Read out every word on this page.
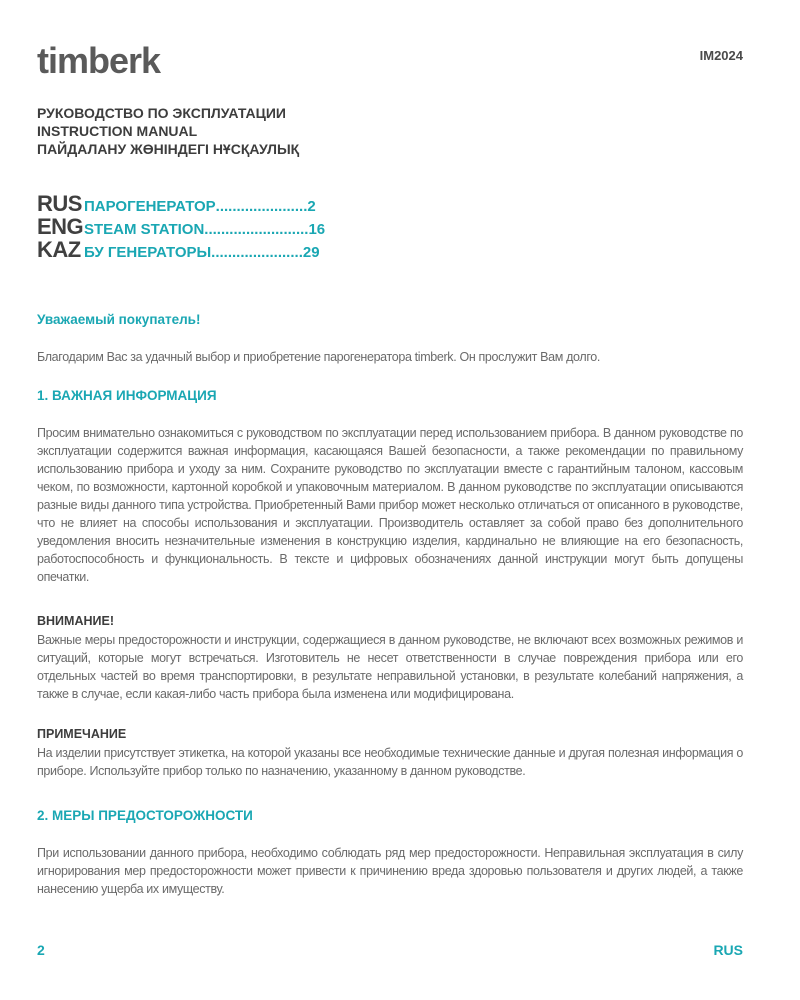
timberk	IM2024
РУКОВОДСТВО ПО ЭКСПЛУАТАЦИИ
INSTRUCTION MANUAL
ПАЙДАЛАНУ ЖӨНІНДЕГІ НҰСҚАУЛЫҚ
RUS ПАРОГЕНЕРАТОР ...................... 2
ENG STEAM STATION ......................... 16
KAZ БУ ГЕНЕРАТОРЫ ...................... 29
Уважаемый покупатель!

Благодарим Вас за удачный выбор и приобретение парогенератора timberk. Он прослужит Вам долго.

1. ВАЖНАЯ ИНФОРМАЦИЯ

Просим внимательно ознакомиться с руководством по эксплуатации перед использованием прибора. В данном руководстве по эксплуатации содержится важная информация, касающаяся Вашей безопасности, а также рекомендации по правильному использованию прибора и уходу за ним. Сохраните руководство по эксплуатации вместе с гарантийным талоном, кассовым чеком, по возможности, картонной коробкой и упаковочным материалом. В данном руководстве по эксплуатации описываются разные виды данного типа устройства. Приобретенный Вами прибор может несколько отличаться от описанного в руководстве, что не влияет на способы использования и эксплуатации. Производитель оставляет за собой право без дополнительного уведомления вносить незначительные изменения в конструкцию изделия, кардинально не влияющие на его безопасность, работоспособность и функциональность. В тексте и цифровых обозначениях данной инструкции могут быть допущены опечатки.

ВНИМАНИЕ!

Важные меры предосторожности и инструкции, содержащиеся в данном руководстве, не включают всех возможных режимов и ситуаций, которые могут встречаться. Изготовитель не несет ответственности в случае повреждения прибора или его отдельных частей во время транспортировки, в результате неправильной установки, в результате колебаний напряжения, а также в случае, если какая-либо часть прибора была изменена или модифицирована.

ПРИМЕЧАНИЕ

На изделии присутствует этикетка, на которой указаны все необходимые технические данные и другая полезная информация о приборе. Используйте прибор только по назначению, указанному в данном руководстве.

2. МЕРЫ ПРЕДОСТОРОЖНОСТИ

При использовании данного прибора, необходимо соблюдать ряд мер предосторожности. Неправильная эксплуатация в силу игнорирования мер предосторожности может привести к причинению вреда здоровью пользователя и других людей, а также нанесению ущерба их имуществу.

2	RUS
